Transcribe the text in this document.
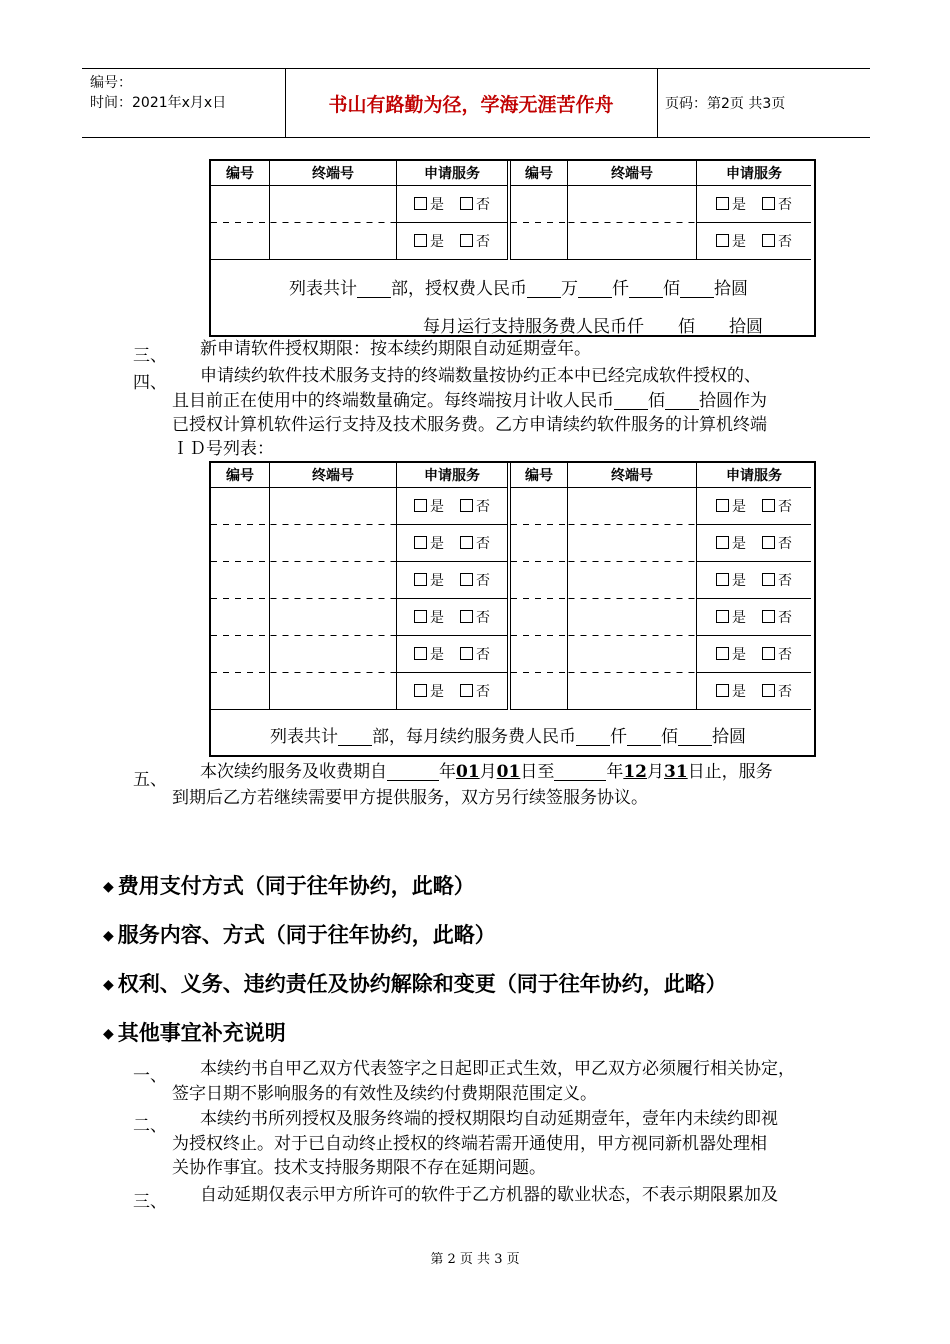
编号：
时间：2021年x月x日	书山有路勤为径，学海无涯苦作舟	页码：第2页 共3页
编号	终端号	申请服务	编号	终端号	申请服务
		是 否			是 否
		是 否			是 否
列表共计 部，授权费人民币 万 仟 佰 拾圆
每月运行支持服务费人民币仟 佰 拾圆
三、 新申请软件授权期限：按本续约期限自动延期壹年。
四、 申请续约软件技术服务支持的终端数量按协约正本中已经完成软件授权的、
且目前正在使用中的终端数量确定。每终端按月计收人民币 佰 拾圆作为
已授权计算机软件运行支持及技术服务费。乙方申请续约软件服务的计算机终端
ＩＤ号列表：
编号	终端号	申请服务	编号	终端号	申请服务
		是 否			是 否
		是 否			是 否
		是 否			是 否
		是 否			是 否
		是 否			是 否
		是 否			是 否
列表共计 部，每月续约服务费人民币 仟 佰 拾圆
五、 本次续约服务及收费期自	年01月01日至	年12月31日止，服务
到期后乙方若继续需要甲方提供服务，双方另行续签服务协议。
◆ 费用支付方式（同于往年协约，此略）
◆ 服务内容、方式（同于往年协约，此略）
◆ 权利、义务、违约责任及协约解除和变更（同于往年协约，此略）
◆ 其他事宜补充说明
一、 本续约书自甲乙双方代表签字之日起即正式生效，甲乙双方必须履行相关协定，
签字日期不影响服务的有效性及续约付费期限范围定义。
二、 本续约书所列授权及服务终端的授权期限均自动延期壹年，壹年内未续约即视
为授权终止。对于已自动终止授权的终端若需开通使用，甲方视同新机器处理相
关协作事宜。技术支持服务期限不存在延期问题。
三、 自动延期仅表示甲方所许可的软件于乙方机器的歇业状态，不表示期限累加及
第 2 页 共 3 页
